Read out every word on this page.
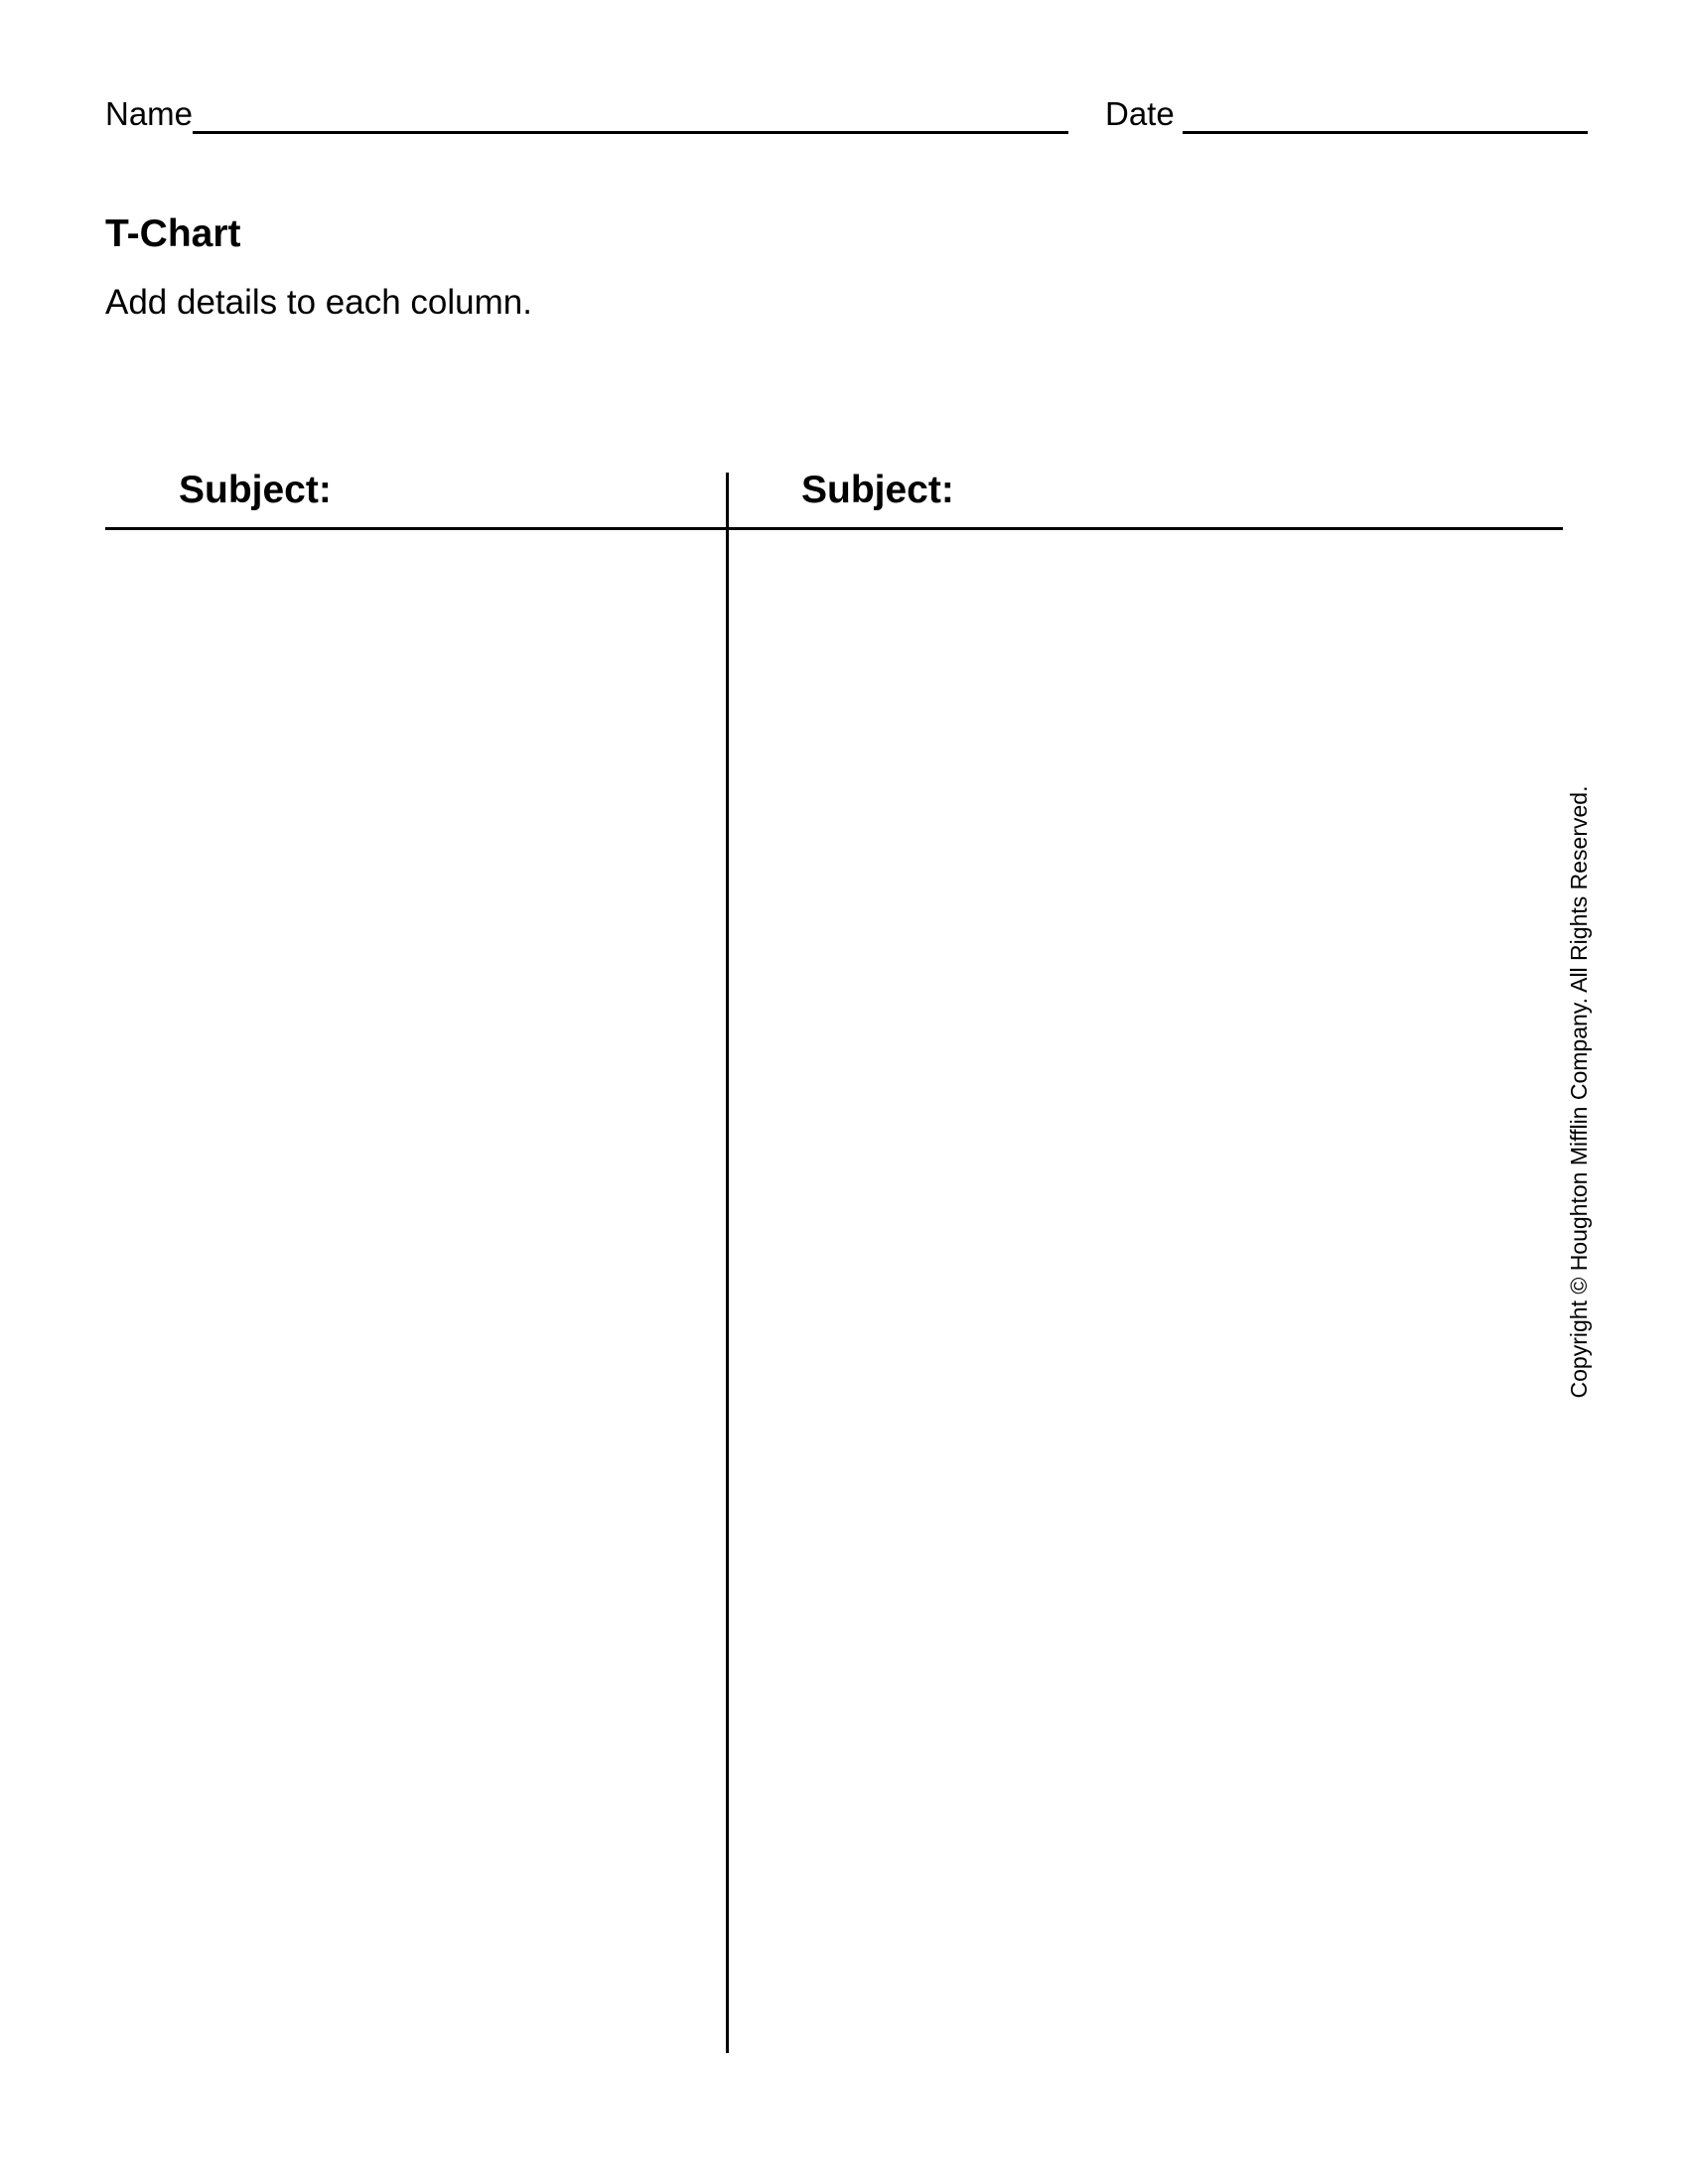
Name	Date
T-Chart
Add details to each column.
Subject:	Subject:
Copyright © Houghton Mifflin Company. All Rights Reserved.
